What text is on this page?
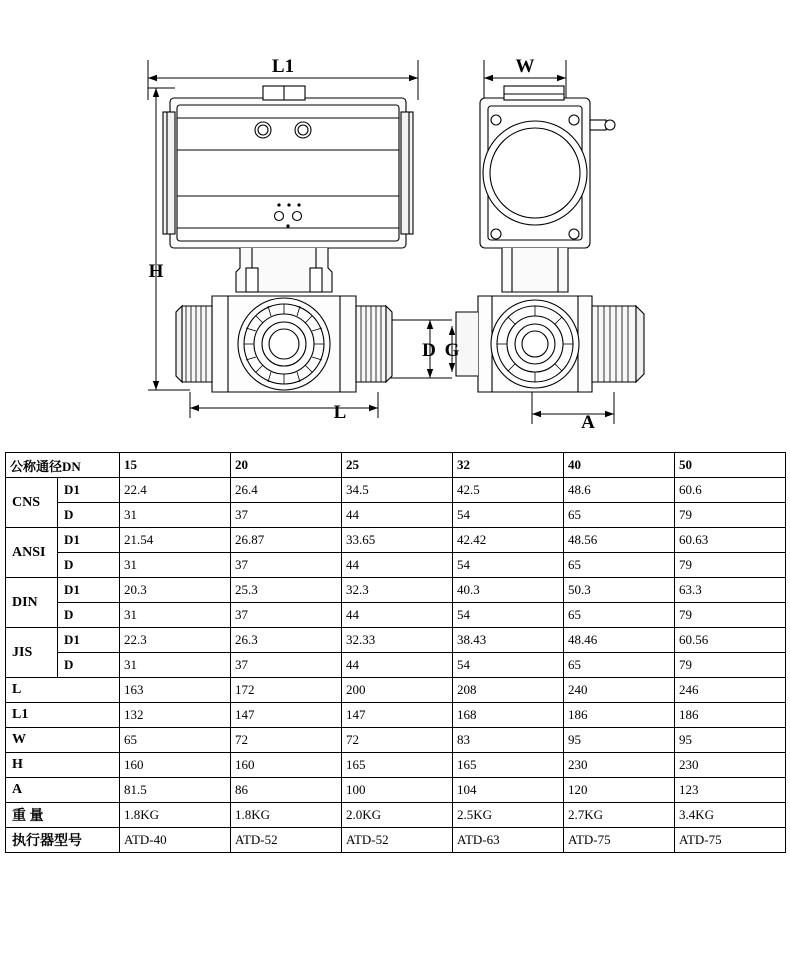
L1	W
H
L
D G
A
公称通径DN		15	20	25	32	40	50
CNS	D1	22.4	26.4	34.5	42.5	48.6	60.6
	D	31	37	44	54	65	79
ANSI	D1	21.54	26.87	33.65	42.42	48.56	60.63
	D	31	37	44	54	65	79
DIN	D1	20.3	25.3	32.3	40.3	50.3	63.3
	D	31	37	44	54	65	79
JIS	D1	22.3	26.3	32.33	38.43	48.46	60.56
	D	31	37	44	54	65	79
L		163	172	200	208	240	246
L1		132	147	147	168	186	186
W		65	72	72	83	95	95
H		160	160	165	165	230	230
A		81.5	86	100	104	120	123
重 量		1.8KG	1.8KG	2.0KG	2.5KG	2.7KG	3.4KG
执行器型号		ATD-40	ATD-52	ATD-52	ATD-63	ATD-75	ATD-75
